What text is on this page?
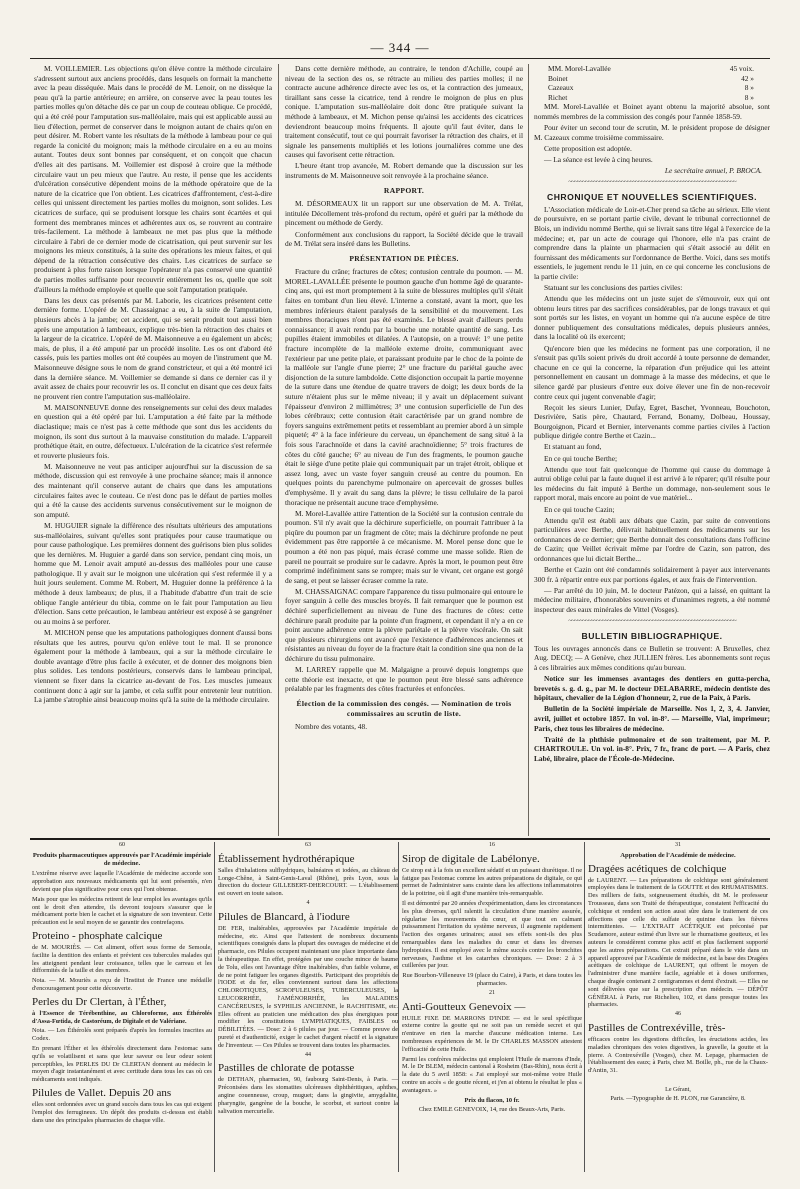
— 344 —

M. VOILLEMIER. Les objections qu'on élève contre la méthode circulaire s'adressent surtout aux anciens procédés, dans lesquels on formait la manchette avec la peau disséquée. Mais dans le procédé de M. Lenoir, on ne dissèque la peau qu'à la partie antérieure; en arrière, on conserve avec la peau toutes les parties molles qu'on détache dès ce par un coup de couteau oblique. Ce procédé, qui a été créé pour l'amputation sus-malléolaire, mais qui est applicable aussi au lieu d'élection, permet de conserver dans le moignon autant de chairs qu'on en peut désirer. M. Robert vante les résultats de la méthode à lambeau pour ce qui regarde la conicité du moignon; mais la méthode circulaire en a eu au moins autant. Toutes deux sont bonnes par conséquent, et on conçoit que chacun d'elles ait des partisans. M. Voillemier est disposé à croire que la méthode circulaire vaut un peu mieux que l'autre. Au reste, il pense que les accidents d'ulcération consécutive dépendent moins de la méthode opératoire que de la nature de la cicatrice que l'on obtient. Les cicatrices d'affrontement, c'est-à-dire celles qui unissent directement les parties molles du moignon, sont solides. Les cicatrices de surface, qui se produisent lorsque les chairs sont écartées et qui forment des membranes minces et adhérentes aux os, se rouvrent au contraire très-facilement. La méthode à lambeaux ne met pas plus que la méthode circulaire à l'abri de ce dernier mode de cicatrisation, qui peut survenir sur les moignons les mieux constitués, à la suite des opérations les mieux faites, et qui dépend de la rétraction consécutive des chairs. Les cicatrices de surface se produisent à plus forte raison lorsque l'opérateur n'a pas conservé une quantité de parties molles suffisante pour recouvrir entièrement les os, quelle que soit d'ailleurs la méthode employée et quelle que soit l'amputation pratiquée.

Dans les deux cas présentés par M. Laborie, les cicatrices présentent cette dernière forme. L'opéré de M. Chassaignac a eu, à la suite de l'amputation, plusieurs abcès à la jambe; cet accident, qui se serait produit tout aussi bien après une amputation à lambeaux, explique très-bien la rétraction des chairs et la largeur de la cicatrice. L'opéré de M. Maisonneuve a eu également un abcès; mais, de plus, il a été amputé par un procédé insolite. Les os ont d'abord été cassés, puis les parties molles ont été coupées au moyen de l'instrument que M. Maisonneuve désigne sous le nom de grand constricteur, et qui a été montré ici dans la dernière séance. M. Voillemier se demande si dans ce dernier cas il y avait assez de chairs pour recouvrir les os. Il conclut en disant que ces deux faits ne prouvent rien contre l'amputation sus-malléolaire.

M. MAISONNEUVE donne des renseignements sur celui des deux malades en question qui a été opéré par lui. L'amputation a été faite par la méthode diaclastique; mais ce n'est pas à cette méthode que sont dus les accidents du moignon, ils sont dus surtout à la mauvaise constitution du malade. L'appareil prothétique était, en outre, défectueux. L'ulcération de la cicatrice s'est refermée et rouverte plusieurs fois.

M. Maisonneuve ne veut pas anticiper aujourd'hui sur la discussion de sa méthode, discussion qui est renvoyée à une prochaine séance; mais il annonce des maintenant qu'il conserve autant de chairs que dans les amputations circulaires faites avec le couteau. Ce n'est donc pas le défaut de parties molles qui a été la cause des accidents survenus consécutivement sur le moignon de son amputé.

M. HUGUIER signale la différence des résultats ultérieurs des amputations sus-malléolaires, suivant qu'elles sont pratiquées pour cause traumatique ou pour cause pathologique. Les premières donnent des guérisons bien plus solides que les dernières. M. Huguier a gardé dans son service, pendant cinq mois, un homme que M. Lenoir avait amputé au-dessus des malléoles pour une cause pathologique. Il y avait sur le moignon une ulcération qui s'est refermée il y a huit jours seulement. Comme M. Robert, M. Huguier donne la préférence à la méthode à deux lambeaux; de plus, il a l'habitude d'abattre d'un trait de scie oblique l'angle antérieur du tibia, comme on le fait pour l'amputation au lieu d'élection. Sans cette précaution, le lambeau antérieur est exposé à se gangréner ou au moins à se perforer.

M. MICHON pense que les amputations pathologiques donnent d'aussi bons résultats que les autres, pourvu qu'on enlève tout le mal. Il se prononce également pour la méthode à lambeaux, qui a sur la méthode circulaire le double avantage d'être plus facile à exécuter, et de donner des moignons bien plus solides. Les tendons postérieurs, conservés dans le lambeau principal, viennent se fixer dans la cicatrice au-devant de l'os. Les muscles jumeaux continuent donc à agir sur la jambe, et cela suffit pour entretenir leur nutrition. La jambe s'atrophie ainsi beaucoup moins qu'à la suite de la méthode circulaire.

Dans cette dernière méthode, au contraire, le tendon d'Achille, coupé au niveau de la section des os, se rétracte au milieu des parties molles; il ne contracte aucune adhérence directe avec les os, et la contraction des jumeaux, tiraillant sans cesse la cicatrice, tend à rendre le moignon de plus en plus conique. L'amputation sus-malléolaire doit donc être pratiquée suivant la méthode à lambeaux, et M. Michon pense qu'ainsi les accidents des cicatrices deviendront beaucoup moins fréquents. Il ajoute qu'il faut éviter, dans le traitement consécutif, tout ce qui pourrait favoriser la rétraction des chairs, et il signale les pansements multipliés et les lotions journalières comme une des causes qui favorisent cette rétraction.

L'heure étant trop avancée, M. Robert demande que la discussion sur les instruments de M. Maisonneuve soit renvoyée à la prochaine séance.

RAPPORT.

M. DÉSORMEAUX lit un rapport sur une observation de M. A. Trélat, intitulée Décollement très-profond du rectum, opéré et guéri par la méthode du pincement ou méthode de Gerdy.

Conformément aux conclusions du rapport, la Société décide que le travail de M. Trélat sera inséré dans les Bulletins.

PRÉSENTATION DE PIÈCES.

Fracture du crâne; fractures de côtes; contusion centrale du poumon. — M. MOREL-LAVALLÉE présente le poumon gauche d'un homme âgé de quarante-cinq ans, qui est mort promptement à la suite de blessures multiples qu'il s'était faites en tombant d'un lieu élevé. L'interne a constaté, avant la mort, que les membres inférieurs étaient paralysés de la sensibilité et du mouvement. Les membres thoraciques n'ont pas été examinés. Le blessé avait d'ailleurs perdu connaissance; il avait rendu par la bouche une notable quantité de sang. Les pupilles étaient immobiles et dilatées. A l'autopsie, on a trouvé: 1° une petite fracture incomplète de la malléole externe droite, communiquant avec l'extérieur par une petite plaie, et paraissant produite par le choc de la pointe de la malléole sur l'angle d'une pierre; 2° une fracture du pariétal gauche avec disjonction de la suture lambdoïde. Cette disjonction occupait la partie moyenne de la suture dans une étendue de quatre travers de doigt; les deux bords de la suture n'étaient plus sur le même niveau; il y avait un déplacement suivant l'épaisseur d'environ 2 millimètres; 3° une contusion superficielle de l'un des lobes cérébraux; cette contusion était caractérisée par un grand nombre de foyers sanguins extrêmement petits et ressemblant au premier abord à un simple piqueté; 4° à la face inférieure du cerveau, un épanchement de sang situé à la fois sous l'arachnoïde et dans la cavité arachnoïdienne; 5° trois fractures de côtes du côté gauche; 6° au niveau de l'un des fragments, le poumon gauche était le siège d'une petite plaie qui communiquait par un trajet étroit, oblique et assez long, avec un vaste foyer sanguin creusé au centre du poumon. En quelques points du parenchyme pulmonaire on apercevait de grosses bulles d'emphysème. Il y avait du sang dans la plèvre; le tissu cellulaire de la paroi thoracique ne présentait aucune trace d'emphysème.

M. Morel-Lavallée attire l'attention de la Société sur la contusion centrale du poumon. S'il n'y avait que la déchirure superficielle, on pourrait l'attribuer à la piqûre du poumon par un fragment de côte; mais la déchirure profonde ne peut évidemment pas être rapportée à ce mécanisme. M. Morel pense donc que le poumon a été non pas piqué, mais écrasé comme une masse solide. Rien de pareil ne pourrait se produire sur le cadavre. Après la mort, le poumon peut être comprimé indéfiniment sans se rompre; mais sur le vivant, cet organe est gorgé de sang, et peut se laisser écraser comme la rate.

M. CHASSAIGNAC compare l'apparence du tissu pulmonaire qui entoure le foyer sanguin à celle des muscles broyés. Il fait remarquer que le poumon est déchiré superficiellement au niveau de l'une des fractures de côtes: cette déchirure paraît produite par la pointe d'un fragment, et cependant il n'y a en ce point aucune adhérence entre la plèvre pariétale et la plèvre viscérale. On sait que plusieurs chirurgiens ont avancé que l'existence d'adhérences anciennes et résistantes au niveau du foyer de la fracture était la condition sine qua non de la déchirure du tissu pulmonaire.

M. LARREY rappelle que M. Malgaigne a prouvé depuis longtemps que cette théorie est inexacte, et que le poumon peut être blessé sans adhérence préalable par les fragments des côtes fracturées et enfoncées.

Élection de la commission des congés. — Nomination de trois commissaires au scrutin de liste.

Nombre des votants, 48.

MM. Morel-Lavallée	45 voix.
Boinet	42 »
Cazeaux	8 »
Richet	8 »

MM. Morel-Lavallée et Boinet ayant obtenu la majorité absolue, sont nommés membres de la commission des congés pour l'année 1858-59.

Pour éviter un second tour de scrutin, M. le président propose de désigner M. Cazeaux comme troisième commissaire.

Cette proposition est adoptée.

— La séance est levée à cinq heures.

Le secrétaire annuel, P. BROCA.
~~~~~~~~~~~~~~~~~~~~~~~~~~~~~~~~~~~~~~~~~~~~~~~~~~~~~~~~~~~~
CHRONIQUE ET NOUVELLES SCIENTIFIQUES.

L'Association médicale de Loir-et-Cher prend sa tâche au sérieux. Elle vient de poursuivre, en se portant partie civile, devant le tribunal correctionnel de Blois, un individu nommé Berthe, qui se livrait sans titre légal à l'exercice de la médecine; et, par un acte de courage qui l'honore, elle n'a pas craint de comprendre dans la plainte un pharmacien qui s'était associé au délit en fournissant des médicaments sur l'ordonnance de Berthe. Voici, dans ses motifs essentiels, le jugement rendu le 11 juin, en ce qui concerne les conclusions de la partie civile:

Statuant sur les conclusions des parties civiles:

Attendu que les médecins ont un juste sujet de s'émouvoir, eux qui ont obtenu leurs titres par des sacrifices considérables, par de longs travaux et qui sont portés sur les listes, en voyant un homme qui n'a aucune espèce de titre donner publiquement des consultations médicales, depuis plusieurs années, dans la localité où ils exercent;

Qu'encore bien que les médecins ne forment pas une corporation, il ne s'ensuit pas qu'ils soient privés du droit accordé à toute personne de demander, chacune en ce qui la concerne, la réparation d'un préjudice qui les atteint personnellement en causant un dommage à la masse des médecins, et que le silence gardé par plusieurs d'entre eux doive élever une fin de non-recevoir contre ceux qui jugent convenable d'agir;

Reçoit les sieurs Lunier, Dufay, Egret, Baschet, Yvonneau, Bouchoton, Desrivière, Satis père, Chautard, Ferrand, Bonamy, Dolbeau, Houssay, Bourgoignon, Picard et Bernier, intervenants comme parties civiles à l'action publique dirigée contre Berthe et Cazin...

Et statuant au fond,

En ce qui touche Berthe;

Attendu que tout fait quelconque de l'homme qui cause du dommage à autrui oblige celui par la faute duquel il est arrivé à le réparer; qu'il résulte pour les médecins du fait imputé à Berthe un dommage, non-seulement sous le rapport moral, mais encore au point de vue matériel...

En ce qui touche Cazin;

Attendu qu'il est établi aux débats que Cazin, par suite de conventions particulières avec Berthe, délivrait habituellement des médicaments sur les ordonnances de ce dernier; que Berthe donnait des consultations dans l'officine de Cazin; que Veillet écrivait même par l'ordre de Cazin, son patron, des ordonnances que lui dictait Berthe...

Berthe et Cazin ont été condamnés solidairement à payer aux intervenants 300 fr. à répartir entre eux par portions égales, et aux frais de l'intervention.

— Par arrêté du 10 juin, M. le docteur Patézon, qui a laissé, en quittant la médecine militaire, d'honorables souvenirs et d'unanimes regrets, a été nommé inspecteur des eaux minérales de Vittel (Vosges).

~~~~~~~~~~~~~~~~~~~~~~~~~~~~~~~~~~~~~~~~~~~~~~~~~~~~~~~~~~~~
BULLETIN BIBLIOGRAPHIQUE.

Tous les ouvrages annoncés dans ce Bulletin se trouvent: A Bruxelles, chez Aug. DECQ; — A Genève, chez JULLIEN frères. Les abonnements sont reçus à ces librairies aux mêmes conditions qu'au bureau.

Notice sur les immenses avantages des dentiers en gutta-percha, brevetés s. g. d. g., par M. le docteur DELABARRE, médecin dentiste des hôpitaux, chevalier de la Légion d'honneur, 2, rue de la Paix, à Paris.

Bulletin de la Société impériale de Marseille. Nos 1, 2, 3, 4. Janvier, avril, juillet et octobre 1857. In vol. in-8°. — Marseille, Vial, imprimeur; Paris, chez tous les libraires de médecine.

Traité de la phthisie pulmonaire et de son traitement, par M. P. CHARTROULE. Un vol. in-8°. Prix, 7 fr., franc de port. — A Paris, chez Labé, libraire, place de l'École-de-Médecine.

60
Produits pharmaceutiques approuvés par l'Académie impériale de médecine.

L'extrême réserve avec laquelle l'Académie de médecine accorde son approbation aux nouveaux médicaments qui lui sont présentés, n'en devient que plus significative pour ceux qui l'ont obtenue.

Mais pour que les médecins retirent de leur emploi les avantages qu'ils ont le droit d'en attendre, ils devront toujours s'assurer que le médicament porte bien le cachet et la signature de son inventeur. Cette précaution est le seul moyen de se garantir des contrefaçons.

Proteino - phosphate calcique

de M. MOURIÈS. — Cet aliment, offert sous forme de Semoule, facilite la dentition des enfants et prévient ces tubercules malades qui les atteignent pendant leur croissance, telles que le carreau et les difformités de la taille et des membres.

Nota. — M. Mouriès a reçu de l'Institut de France une médaille d'encouragement pour cette découverte.

Perles du Dr Clertan, à l'Éther,

à l'Essence de Térébenthine, au Chloroforme, aux Éthérolés d'Assa-Fœtida, de Castoréum, de Digitale et de Valériane.

Nota. — Les Éthérolés sont préparés d'après les formules inscrites au Codex.

En prenant l'Éther et les éthérolés directement dans l'estomac sans qu'ils se volatilisent et sans que leur saveur ou leur odeur soient perceptibles, les PERLES DU Dr CLERTAN donnent au médecin le moyen d'agir instantanément et avec certitude dans tous les cas où ces médicaments sont indiqués.

Pilules de Vallet. Depuis 20 ans

elles sont ordonnées avec un grand succès dans tous les cas qui exigent l'emploi des ferrugineux. Un dépôt des produits ci-dessus est établi dans une des principales pharmacies de chaque ville.

63
Établissement hydrothérapique

Salles d'inhalations sulfhydriques, balnéaires et iodées, au château de Longe-Chêne, à Saint-Genis-Laval (Rhône), près Lyon, sous la direction du docteur GILLEBERT-DHERCOURT. — L'établissement est ouvert en toute saison.

4
Pilules de Blancard, à l'iodure

DE FER, inaltérables, approuvées par l'Académie impériale de médecine, etc. Ainsi que l'attestent de nombreux documents scientifiques consignés dans la plupart des ouvrages de médecine et de pharmacie, ces Pilules occupent maintenant une place importante dans la thérapeutique. En effet, protégées par une couche mince de baume de Tolu, elles ont l'avantage d'être inaltérables, d'un faible volume, et de ne point fatiguer les organes digestifs. Participant des propriétés de l'IODE et du fer, elles conviennent surtout dans les affections CHLOROTIQUES, SCROFULEUSES, TUBERCULEUSES, la LEUCORRHÉE, l'AMÉNORRHÉE, les MALADIES CANCÉREUSES, le SYPHILIS ANCIENNE, le RACHITISME, etc. Elles offrent au praticien une médication des plus énergiques pour modifier les constitutions LYMPHATIQUES, FAIBLES ou DÉBILITÉES. — Dose: 2 à 6 pilules par jour. — Comme preuve de pureté et d'authenticité, exiger le cachet d'argent réactif et la signature de l'inventeur. — Ces Pilules se trouvent dans toutes les pharmacies.

44
Pastilles de chlorate de potasse

de DETHAN, pharmacien, 90, faubourg Saint-Denis, à Paris. — Préconisées dans les stomatites ulcéreuses diphthéritiques, aphthes, angine couenneuse, croup, muguet; dans la gingivite, amygdalite, pharyngite, gangrène de la bouche, le scorbut, et surtout contre la salivation mercurielle.

16
Sirop de digitale de Labélonye.

Ce sirop est à la fois un excellent sédatif et un puissant diurétique. Il ne fatigue pas l'estomac comme les autres préparations de digitale, ce qui permet de l'administrer sans crainte dans les affections inflammatoires de la poitrine, où il agit d'une manière très-remarquable.

Il est démontré par 20 années d'expérimentation, dans les circonstances les plus diverses, qu'il ralentit la circulation d'une manière assurée, régularise les mouvements du cœur, et que tout en calmant puissamment l'irritation du système nerveux, il augmente rapidement l'action des organes urinaires; aussi ses effets sont-ils des plus remarquables dans les maladies du cœur et dans les diverses hydropisies. Il est employé avec le même succès contre les bronchites nerveuses, l'asthme et les catarrhes chroniques. — Dose: 2 à 3 cuillerées par jour.

Rue Bourbon-Villeneuve 19 (place du Caire), à Paris, et dans toutes les pharmacies.

21
Anti-Goutteux Genevoix —

HUILE FIXE DE MARRONS D'INDE — est le seul spécifique externe contre la goutte qui ne soit pas un remède secret et qui n'entrave en rien la marche d'aucune médication interne. Les nombreuses expériences de M. le Dr CHARLES MASSON attestent l'efficacité de cette Huile.

Parmi les confrères médecins qui emploient l'Huile de marrons d'Inde, M. le Dr BLEM, médecin cantonal à Rosheim (Bas-Rhin), nous écrit à la date du 5 avril 1858: « J'ai employé sur moi-même votre Huile contre un accès « de goutte récent, et j'en ai obtenu le résultat le plus « avantageux. »

Prix du flacon, 10 fr.

Chez EMILE GENEVOIX, 14, rue des Beaux-Arts, Paris.

31
Approbation de l'Académie de médecine.
Dragées acétiques de colchique

de LAURENT. — Les préparations de colchique sont généralement employées dans le traitement de la GOUTTE et des RHUMATISMES. Des milliers de faits, soigneusement étudiés, dit M. le professeur Trousseau, dans son Traité de thérapeutique, constatent l'efficacité du colchique et rendent son action aussi sûre dans le traitement de ces affections que celle du sulfate de quinine dans les fièvres intermittentes. — L'EXTRAIT ACÉTIQUE est préconisé par Scudamore, auteur estimé d'un livre sur le rhumatisme goutteux, et les auteurs le considèrent comme plus actif et plus facilement supporté que les autres préparations. Cet extrait préparé dans le vide dans un appareil approuvé par l'Académie de médecine, est la base des Dragées acétiques de colchique de LAURENT, qui offrent le moyen de l'administrer d'une manière facile, agréable et à doses uniformes, chaque dragée contenant 2 centigrammes et demi d'extrait. — Elles ne sont délivrées que sur la prescription d'un médecin. — DÉPÔT GÉNÉRAL à Paris, rue Richelieu, 102, et dans presque toutes les pharmacies.

46
Pastilles de Contrexéville, très-

efficaces contre les digestions difficiles, les éructations acides, les maladies chroniques des voies digestives, la gravelle, la goutte et la pierre. A Contrexéville (Vosges), chez M. Lepage, pharmacien de l'établissement des eaux; à Paris, chez M. Boille, ph., rue de la Chaux-d'Antin, 31.

Le Gérant,
Paris. —Typographie de H. PLON, rue Garancière, 8.
